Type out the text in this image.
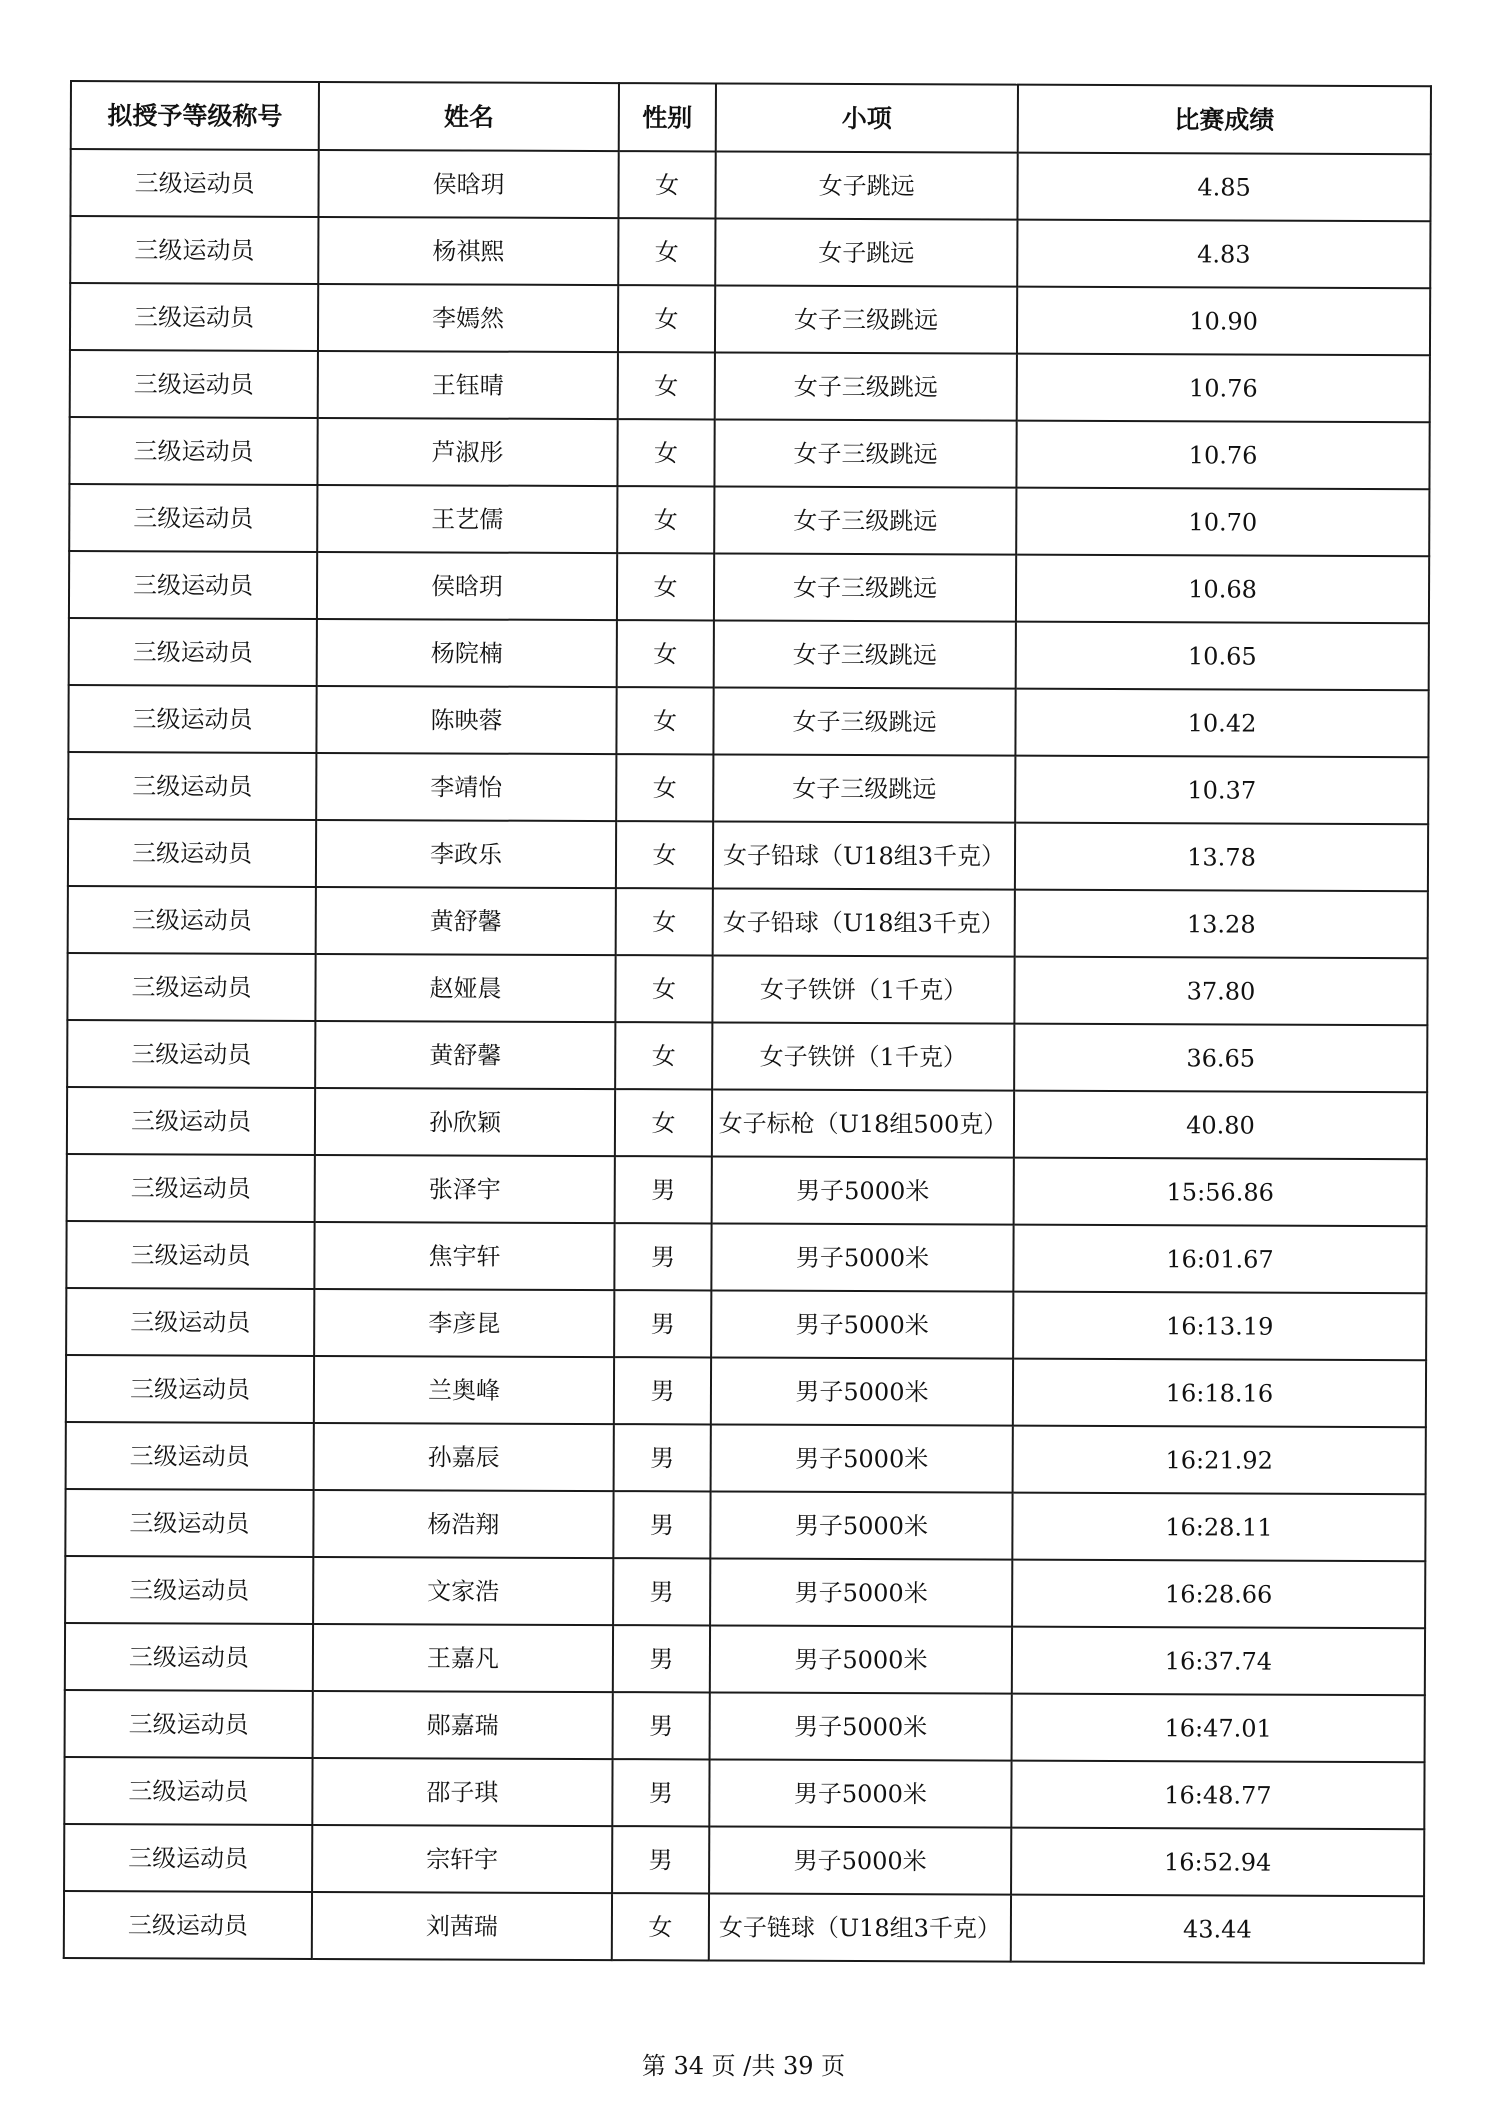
拟授予等级称号	姓名	性别	小项	比赛成绩
三级运动员	侯晗玥	女	女子跳远	4.85
三级运动员	杨祺熙	女	女子跳远	4.83
三级运动员	李嫣然	女	女子三级跳远	10.90
三级运动员	王钰晴	女	女子三级跳远	10.76
三级运动员	芦淑彤	女	女子三级跳远	10.76
三级运动员	王艺儒	女	女子三级跳远	10.70
三级运动员	侯晗玥	女	女子三级跳远	10.68
三级运动员	杨院楠	女	女子三级跳远	10.65
三级运动员	陈映蓉	女	女子三级跳远	10.42
三级运动员	李靖怡	女	女子三级跳远	10.37
三级运动员	李政乐	女	女子铅球（U18组3千克）	13.78
三级运动员	黄舒馨	女	女子铅球（U18组3千克）	13.28
三级运动员	赵娅晨	女	女子铁饼（1千克）	37.80
三级运动员	黄舒馨	女	女子铁饼（1千克）	36.65
三级运动员	孙欣颖	女	女子标枪（U18组500克）	40.80
三级运动员	张泽宇	男	男子5000米	15:56.86
三级运动员	焦宇轩	男	男子5000米	16:01.67
三级运动员	李彦昆	男	男子5000米	16:13.19
三级运动员	兰奥峰	男	男子5000米	16:18.16
三级运动员	孙嘉辰	男	男子5000米	16:21.92
三级运动员	杨浩翔	男	男子5000米	16:28.11
三级运动员	文家浩	男	男子5000米	16:28.66
三级运动员	王嘉凡	男	男子5000米	16:37.74
三级运动员	郧嘉瑞	男	男子5000米	16:47.01
三级运动员	邵子琪	男	男子5000米	16:48.77
三级运动员	宗轩宇	男	男子5000米	16:52.94
三级运动员	刘茜瑞	女	女子链球（U18组3千克）	43.44
第 34 页 /共 39 页
